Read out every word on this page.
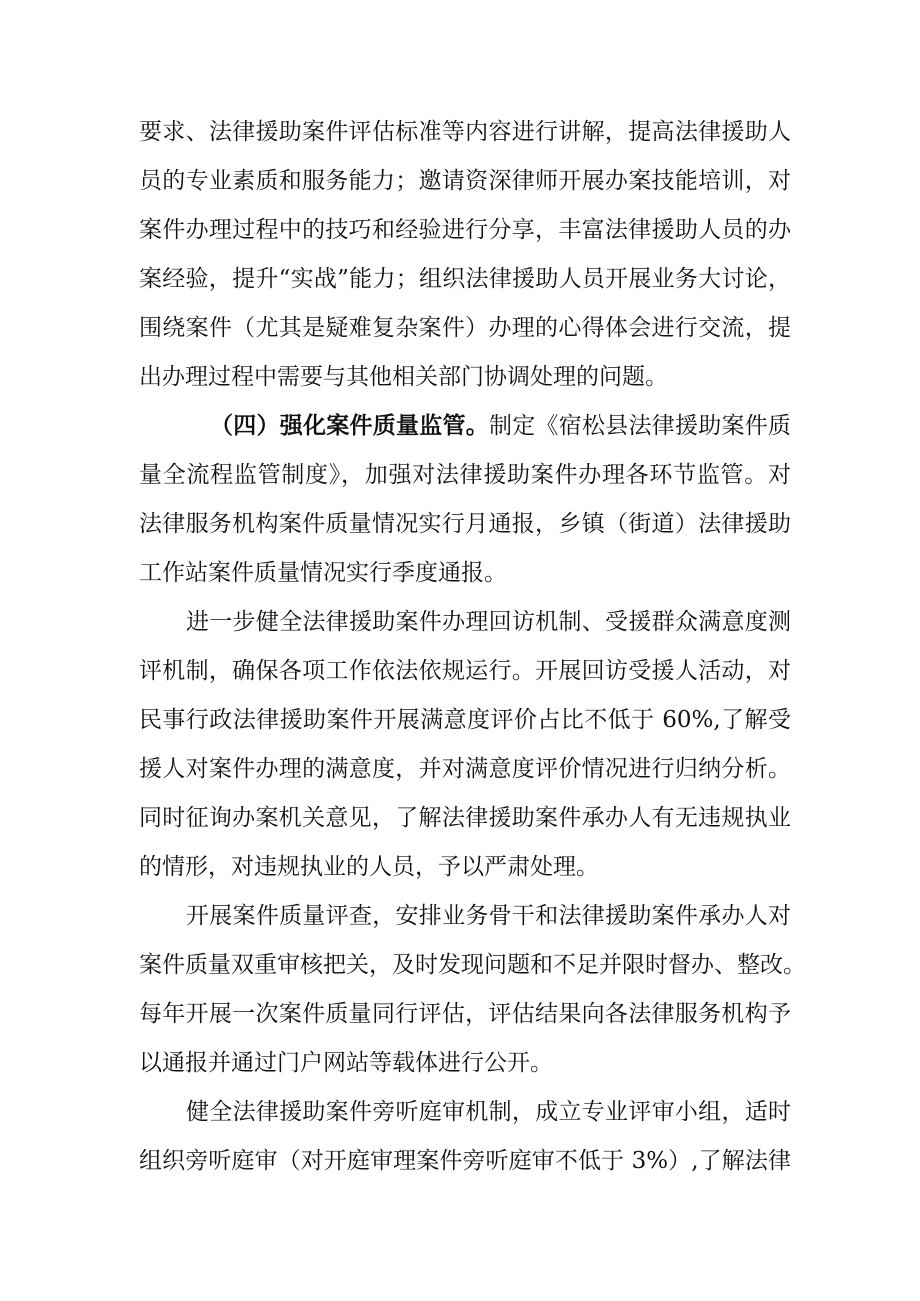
要求、法律援助案件评估标准等内容进行讲解，提高法律援助人
员的专业素质和服务能力；邀请资深律师开展办案技能培训，对
案件办理过程中的技巧和经验进行分享，丰富法律援助人员的办
案经验，提升“实战”能力；组织法律援助人员开展业务大讨论，
围绕案件（尤其是疑难复杂案件）办理的心得体会进行交流，提
出办理过程中需要与其他相关部门协调处理的问题。
（四）强化案件质量监管。制定《宿松县法律援助案件质
量全流程监管制度》，加强对法律援助案件办理各环节监管。对
法律服务机构案件质量情况实行月通报，乡镇（街道）法律援助
工作站案件质量情况实行季度通报。
进一步健全法律援助案件办理回访机制、受援群众满意度测
评机制，确保各项工作依法依规运行。开展回访受援人活动，对
民事行政法律援助案件开展满意度评价占比不低于 60%,了解受
援人对案件办理的满意度，并对满意度评价情况进行归纳分析。
同时征询办案机关意见，了解法律援助案件承办人有无违规执业
的情形，对违规执业的人员，予以严肃处理。
开展案件质量评查，安排业务骨干和法律援助案件承办人对
案件质量双重审核把关，及时发现问题和不足并限时督办、整改。
每年开展一次案件质量同行评估，评估结果向各法律服务机构予
以通报并通过门户网站等载体进行公开。
健全法律援助案件旁听庭审机制，成立专业评审小组，适时
组织旁听庭审（对开庭审理案件旁听庭审不低于 3%）,了解法律
